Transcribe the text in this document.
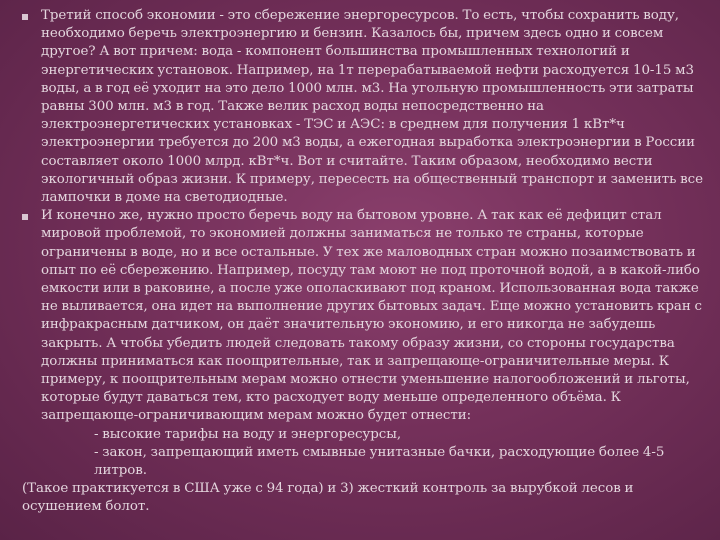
Третий способ экономии - это сбережение энергоресурсов. То есть, чтобы сохранить воду, необходимо беречь электроэнергию и бензин. Казалось бы, причем здесь одно и совсем другое? А вот причем: вода - компонент большинства промышленных технологий и энергетических установок. Например, на 1т перерабатываемой нефти расходуется 10-15 м3 воды, а в год её уходит на это дело 1000 млн. м3. На угольную промышленность эти затраты равны 300 млн. м3 в год. Также велик расход воды непосредственно на электроэнергетических установках - ТЭС и АЭС: в среднем для получения 1 кВт*ч электроэнергии требуется до 200 м3 воды, а ежегодная выработка электроэнергии в России составляет около 1000 млрд. кВт*ч. Вот и считайте. Таким образом, необходимо вести экологичный образ жизни. К примеру, пересесть на общественный транспорт и заменить все лампочки в доме на светодиодные.
И конечно же, нужно просто беречь воду на бытовом уровне. А так как её дефицит стал мировой проблемой, то экономией должны заниматься не только те страны, которые ограничены в воде, но и все остальные. У тех же маловодных стран можно позаимствовать и опыт по её сбережению. Например, посуду там моют не под проточной водой, а в какой-либо емкости или в раковине, а после уже ополаскивают под краном. Использованная вода также не выливается, она идет на выполнение других бытовых задач. Еще можно установить кран с инфракрасным датчиком, он даёт значительную экономию, и его никогда не забудешь закрыть. А чтобы убедить людей следовать такому образу жизни, со стороны государства должны приниматься как поощрительные, так и запрещающе-ограничительные меры. К примеру, к поощрительным мерам можно отнести уменьшение налогообложений и льготы, которые будут даваться тем, кто расходует воду меньше определенного объёма. К запрещающе-ограничивающим мерам можно будет отнести:
- высокие тарифы на воду и энергоресурсы,
- закон, запрещающий иметь смывные унитазные бачки, расходующие более 4-5 литров.
(Такое практикуется в США уже с 94 года) и 3) жесткий контроль за вырубкой лесов и осушением болот.
